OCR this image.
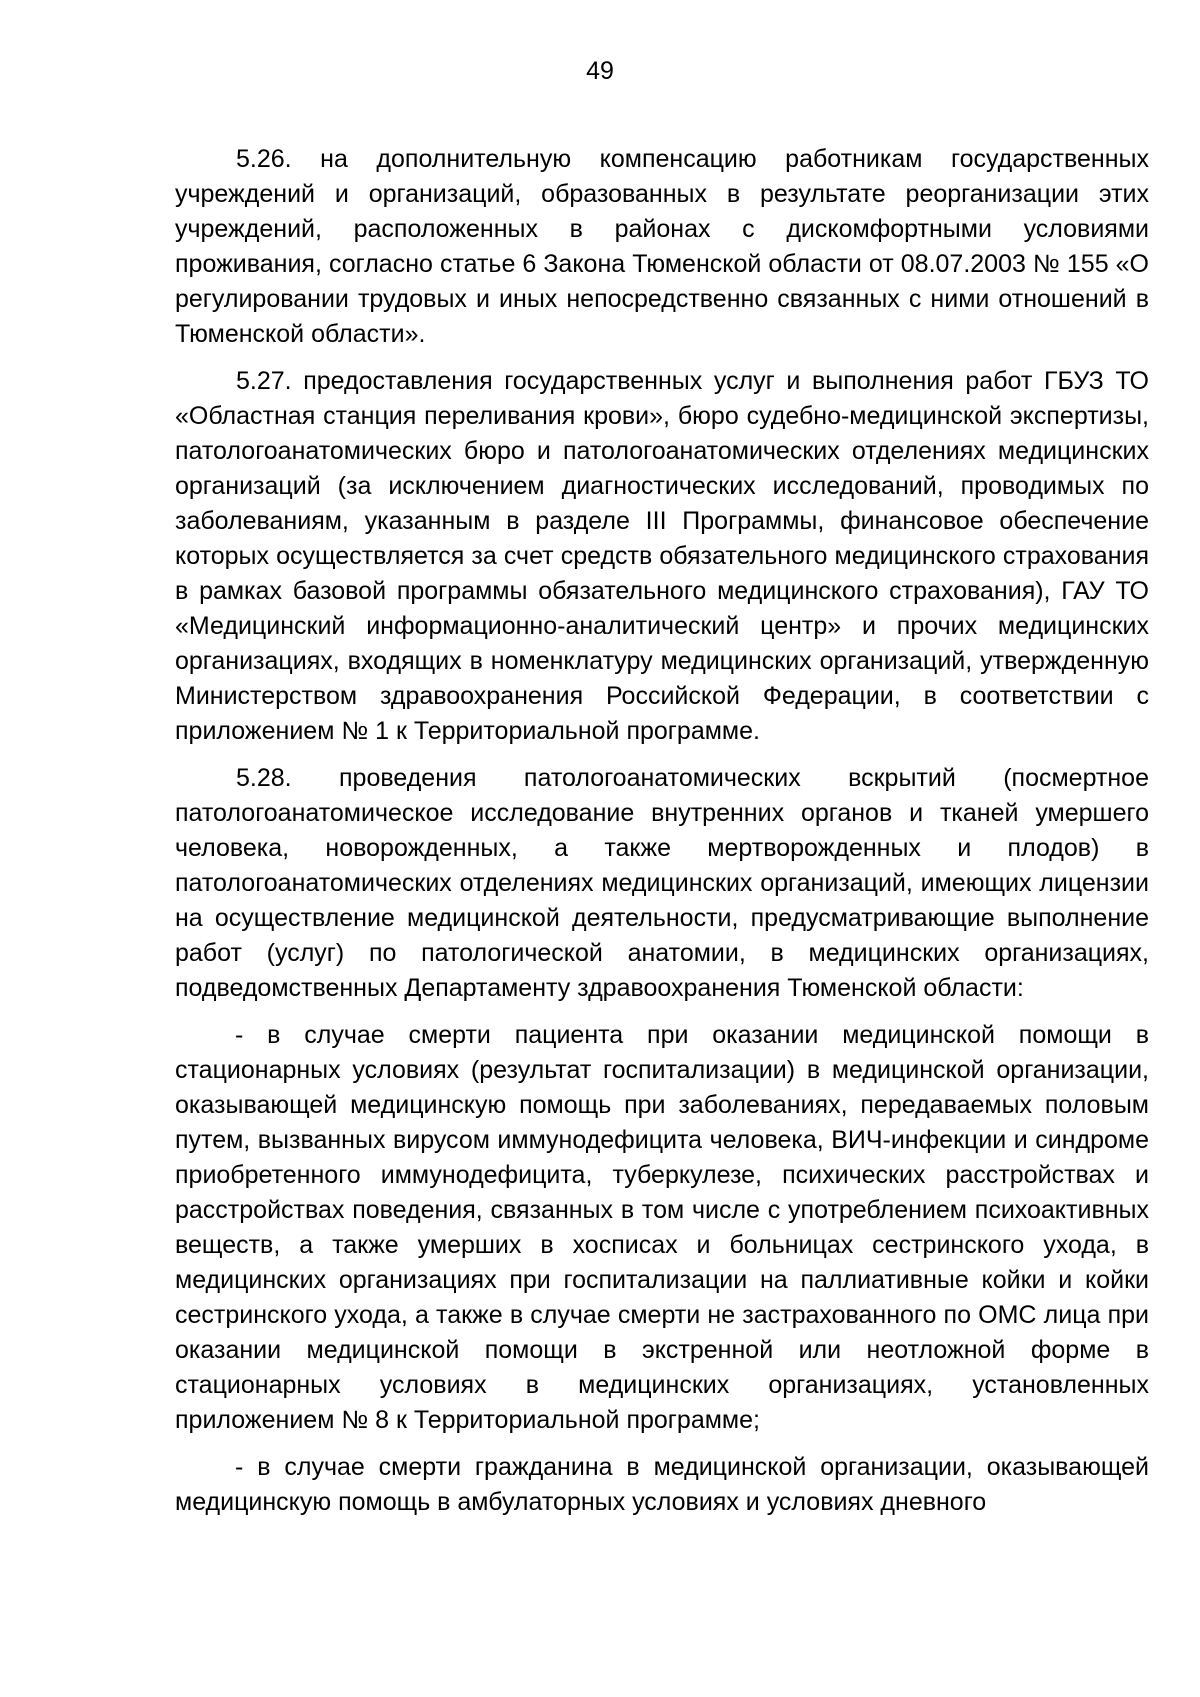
49

5.26. на дополнительную компенсацию работникам государственных учреждений и организаций, образованных в результате реорганизации этих учреждений, расположенных в районах с дискомфортными условиями проживания, согласно статье 6 Закона Тюменской области от 08.07.2003 № 155 «О регулировании трудовых и иных непосредственно связанных с ними отношений в Тюменской области».

5.27. предоставления государственных услуг и выполнения работ ГБУЗ ТО «Областная станция переливания крови», бюро судебно-медицинской экспертизы, патологоанатомических бюро и патологоанатомических отделениях медицинских организаций (за исключением диагностических исследований, проводимых по заболеваниям, указанным в разделе III Программы, финансовое обеспечение которых осуществляется за счет средств обязательного медицинского страхования в рамках базовой программы обязательного медицинского страхования), ГАУ ТО «Медицинский информационно-аналитический центр» и прочих медицинских организациях, входящих в номенклатуру медицинских организаций, утвержденную Министерством здравоохранения Российской Федерации, в соответствии с приложением № 1 к Территориальной программе.

5.28. проведения патологоанатомических вскрытий (посмертное патологоанатомическое исследование внутренних органов и тканей умершего человека, новорожденных, а также мертворожденных и плодов) в патологоанатомических отделениях медицинских организаций, имеющих лицензии на осуществление медицинской деятельности, предусматривающие выполнение работ (услуг) по патологической анатомии, в медицинских организациях, подведомственных Департаменту здравоохранения Тюменской области:

- в случае смерти пациента при оказании медицинской помощи в стационарных условиях (результат госпитализации) в медицинской организации, оказывающей медицинскую помощь при заболеваниях, передаваемых половым путем, вызванных вирусом иммунодефицита человека, ВИЧ-инфекции и синдроме приобретенного иммунодефицита, туберкулезе, психических расстройствах и расстройствах поведения, связанных в том числе с употреблением психоактивных веществ, а также умерших в хосписах и больницах сестринского ухода, в медицинских организациях при госпитализации на паллиативные койки и койки сестринского ухода, а также в случае смерти не застрахованного по ОМС лица при оказании медицинской помощи в экстренной или неотложной форме в стационарных условиях в медицинских организациях, установленных приложением № 8 к Территориальной программе;

- в случае смерти гражданина в медицинской организации, оказывающей медицинскую помощь в амбулаторных условиях и условиях дневного
